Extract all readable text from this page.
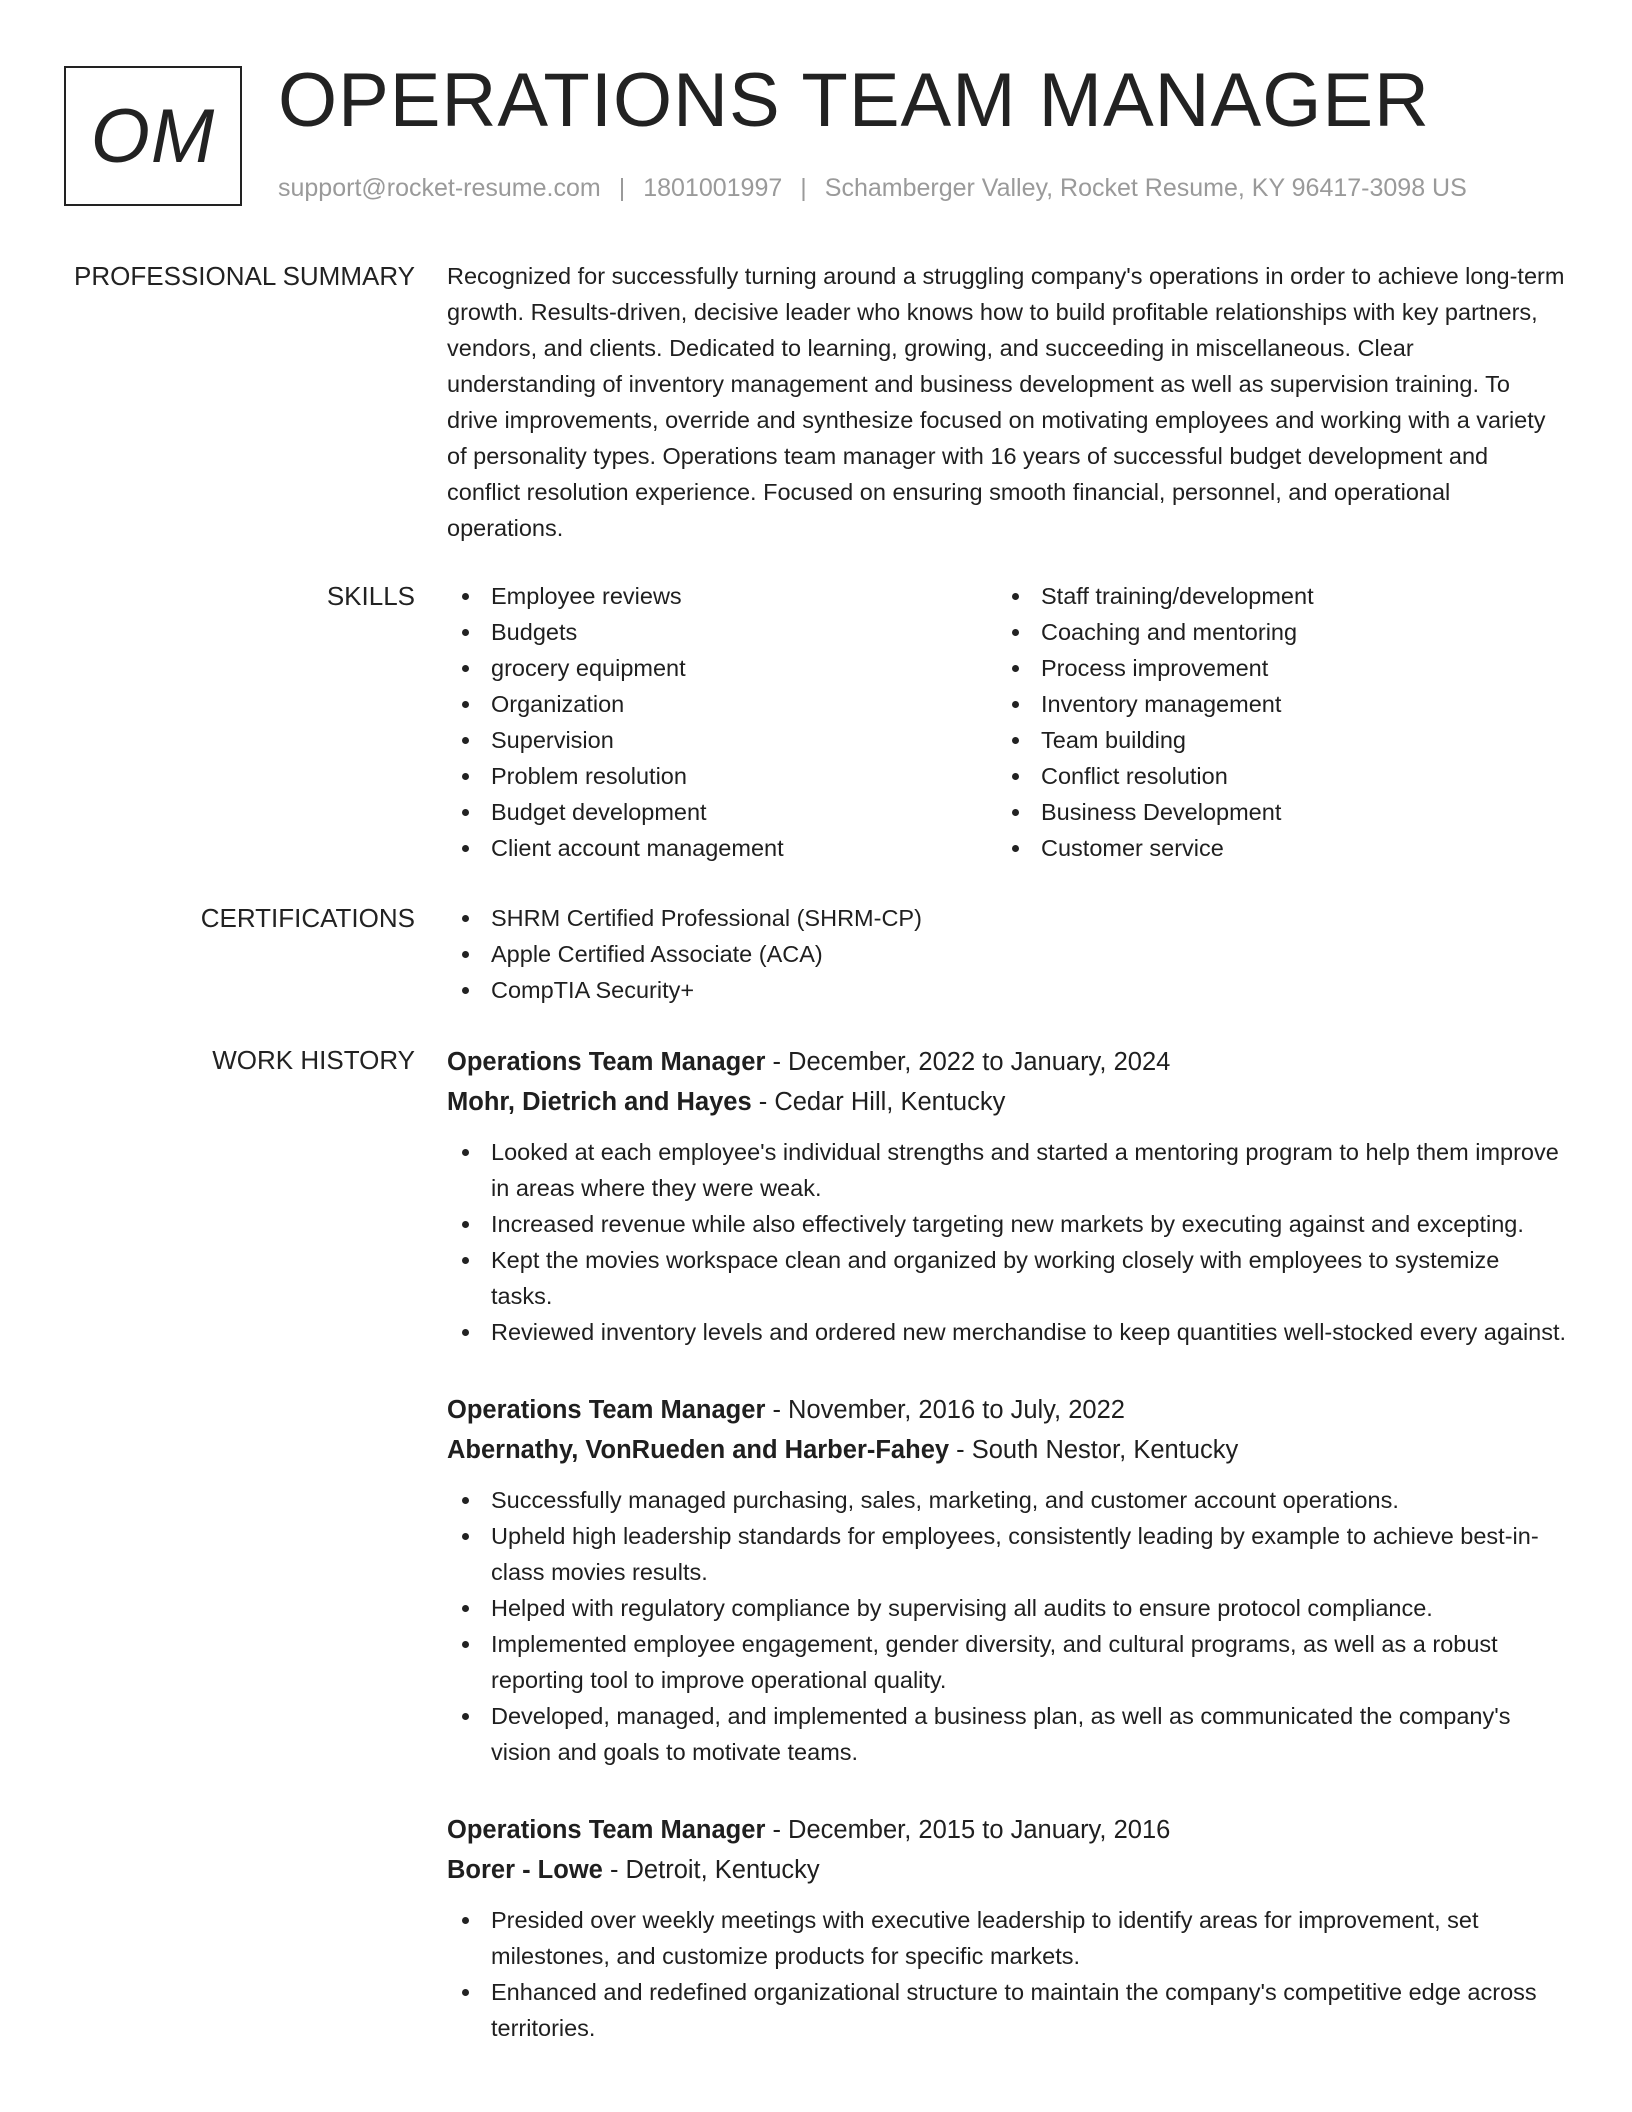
OM OPERATIONS TEAM MANAGER
support@rocket-resume.com | 1801001997 | Schamberger Valley, Rocket Resume, KY 96417-3098 US
PROFESSIONAL SUMMARY Recognized for successfully turning around a struggling company's operations in order to achieve long-term growth. Results-driven, decisive leader who knows how to build profitable relationships with key partners, vendors, and clients. Dedicated to learning, growing, and succeeding in miscellaneous. Clear understanding of inventory management and business development as well as supervision training. To drive improvements, override and synthesize focused on motivating employees and working with a variety of personality types. Operations team manager with 16 years of successful budget development and conflict resolution experience. Focused on ensuring smooth financial, personnel, and operational operations.

SKILLS	Employee reviews
Budgets
grocery equipment
Organization
Supervision
Problem resolution
Budget development
Client account management
Staff training/development
Coaching and mentoring
Process improvement
Inventory management
Team building
Conflict resolution
Business Development
Customer service
CERTIFICATIONS	SHRM Certified Professional (SHRM-CP)
Apple Certified Associate (ACA)
CompTIA Security+
WORK HISTORY Operations Team Manager - December, 2022 to January, 2024

Mohr, Dietrich and Hayes - Cedar Hill, Kentucky

Looked at each employee's individual strengths and started a mentoring program to help them improve in areas where they were weak.
Increased revenue while also effectively targeting new markets by executing against and excepting.
Kept the movies workspace clean and organized by working closely with employees to systemize tasks.
Reviewed inventory levels and ordered new merchandise to keep quantities well-stocked every against.

Operations Team Manager - November, 2016 to July, 2022

Abernathy, VonRueden and Harber-Fahey - South Nestor, Kentucky

Successfully managed purchasing, sales, marketing, and customer account operations.
Upheld high leadership standards for employees, consistently leading by example to achieve best-in-class movies results.
Helped with regulatory compliance by supervising all audits to ensure protocol compliance.
Implemented employee engagement, gender diversity, and cultural programs, as well as a robust reporting tool to improve operational quality.
Developed, managed, and implemented a business plan, as well as communicated the company's vision and goals to motivate teams.

Operations Team Manager - December, 2015 to January, 2016

Borer - Lowe - Detroit, Kentucky

Presided over weekly meetings with executive leadership to identify areas for improvement, set milestones, and customize products for specific markets.
Enhanced and redefined organizational structure to maintain the company's competitive edge across territories.
